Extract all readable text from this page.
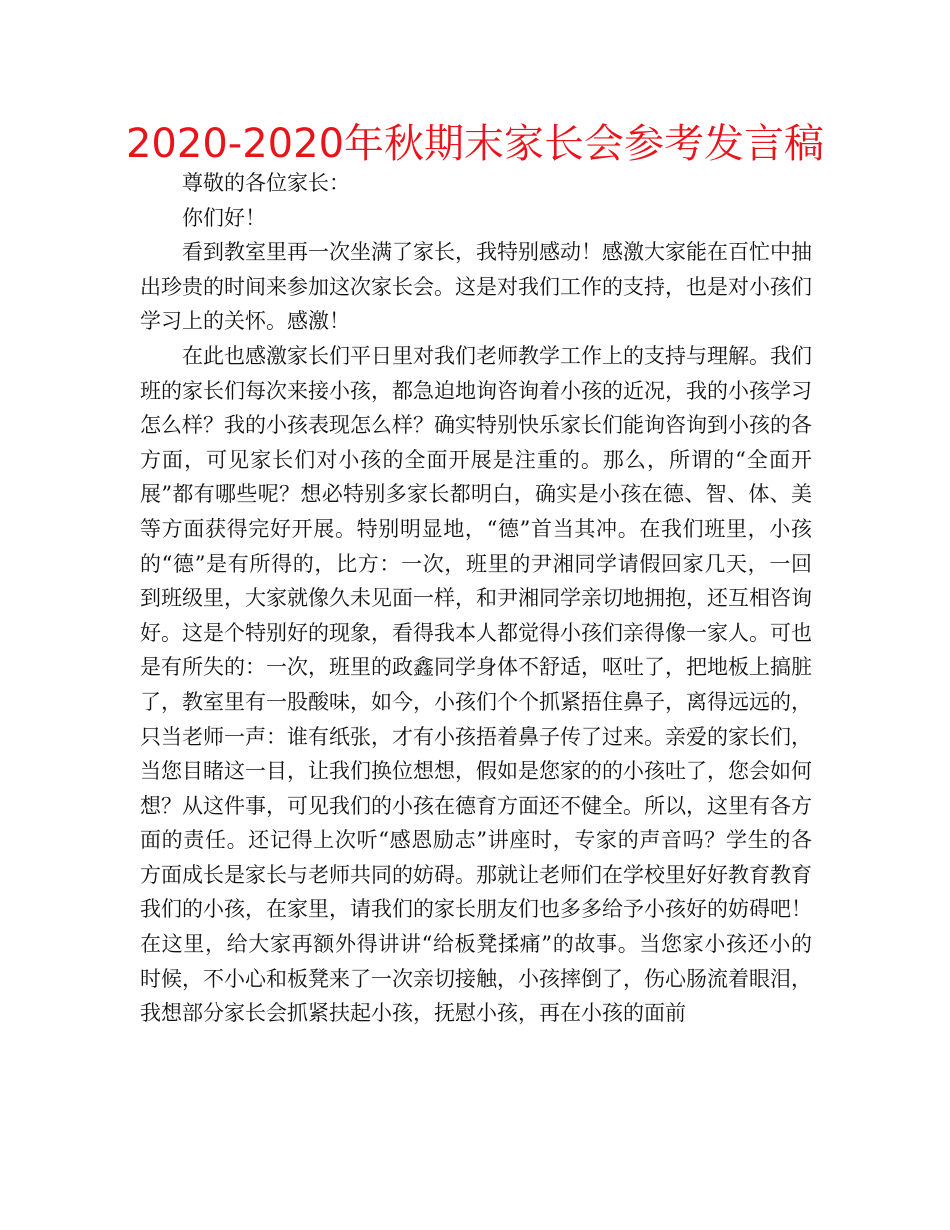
2020-2020年秋期末家长会参考发言稿

尊敬的各位家长：

你们好！

看到教室里再一次坐满了家长，我特别感动！感激大家能在百忙中抽出珍贵的时间来参加这次家长会。这是对我们工作的支持，也是对小孩们学习上的关怀。感激！

在此也感激家长们平日里对我们老师教学工作上的支持与理解。我们班的家长们每次来接小孩，都急迫地询咨询着小孩的近况，我的小孩学习怎么样？我的小孩表现怎么样？确实特别快乐家长们能询咨询到小孩的各方面，可见家长们对小孩的全面开展是注重的。那么，所谓的“全面开展”都有哪些呢？想必特别多家长都明白，确实是小孩在德、智、体、美等方面获得完好开展。特别明显地，“德”首当其冲。在我们班里，小孩的“德”是有所得的，比方：一次，班里的尹湘同学请假回家几天，一回到班级里，大家就像久未见面一样，和尹湘同学亲切地拥抱，还互相咨询好。这是个特别好的现象，看得我本人都觉得小孩们亲得像一家人。可也是有所失的：一次，班里的政鑫同学身体不舒适，呕吐了，把地板上搞脏了，教室里有一股酸味，如今，小孩们个个抓紧捂住鼻子，离得远远的，只当老师一声：谁有纸张，才有小孩捂着鼻子传了过来。亲爱的家长们，当您目睹这一目，让我们换位想想，假如是您家的的小孩吐了，您会如何想？从这件事，可见我们的小孩在德育方面还不健全。所以，这里有各方面的责任。还记得上次听“感恩励志”讲座时，专家的声音吗？学生的各方面成长是家长与老师共同的妨碍。那就让老师们在学校里好好教育教育我们的小孩，在家里，请我们的家长朋友们也多多给予小孩好的妨碍吧！在这里，给大家再额外得讲讲“给板凳揉痛”的故事。当您家小孩还小的时候，不小心和板凳来了一次亲切接触，小孩摔倒了，伤心肠流着眼泪，我想部分家长会抓紧扶起小孩，抚慰小孩，再在小孩的面前
